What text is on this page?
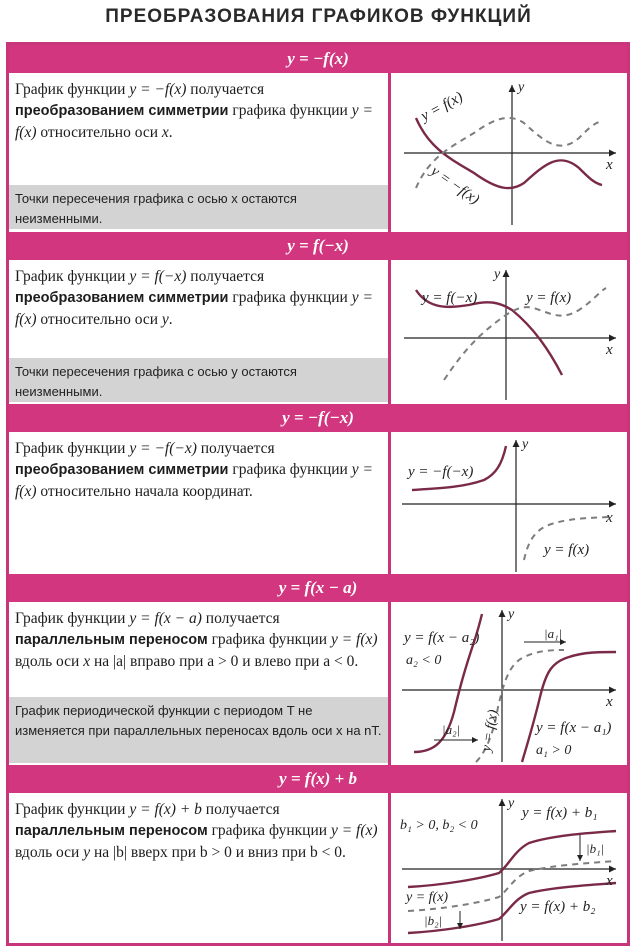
ПРЕОБРАЗОВАНИЯ ГРАФИКОВ ФУНКЦИЙ
y = −f(x)
График функции y = −f(x) получается преобразованием симметрии графика функции y = f(x) относительно оси x.
Точки пересечения графика с осью x остаются неизменными.
y = f(x)
y = −f(x)	x
y
y = f(−x)
График функции y = f(−x) получается преобразованием симметрии графика функции y = f(x) относительно оси y.
Точки пересечения графика с осью y остаются неизменными.
y = f(−x)	y = f(x)
x
y
y = −f(−x)
График функции y = −f(−x) получается преобразованием симметрии графика функции y = f(x) относительно начала координат.
y = −f(−x)
y = f(x)
x
y
y = f(x − a)
График функции y = f(x − a) получается параллельным переносом графика функции y = f(x) вдоль оси x на |a| вправо при a > 0 и влево при a < 0.
График периодической функции с периодом T не изменяется при параллельных переносах вдоль оси x на nT.
y = f(x − a₂)
a₂ < 0
|a₁|
|a₂| y = f(x) y = f(x − a₁)
a₁ > 0
x
y
y = f(x) + b
График функции y = f(x) + b получается параллельным переносом графика функции y = f(x) вдоль оси y на |b| вверх при b > 0 и вниз при b < 0.
y = f(x) + b₁
b₁ > 0, b₂ < 0
|b₁|
y = f(x)
|b₂|
y = f(x) + b₂
x
y
